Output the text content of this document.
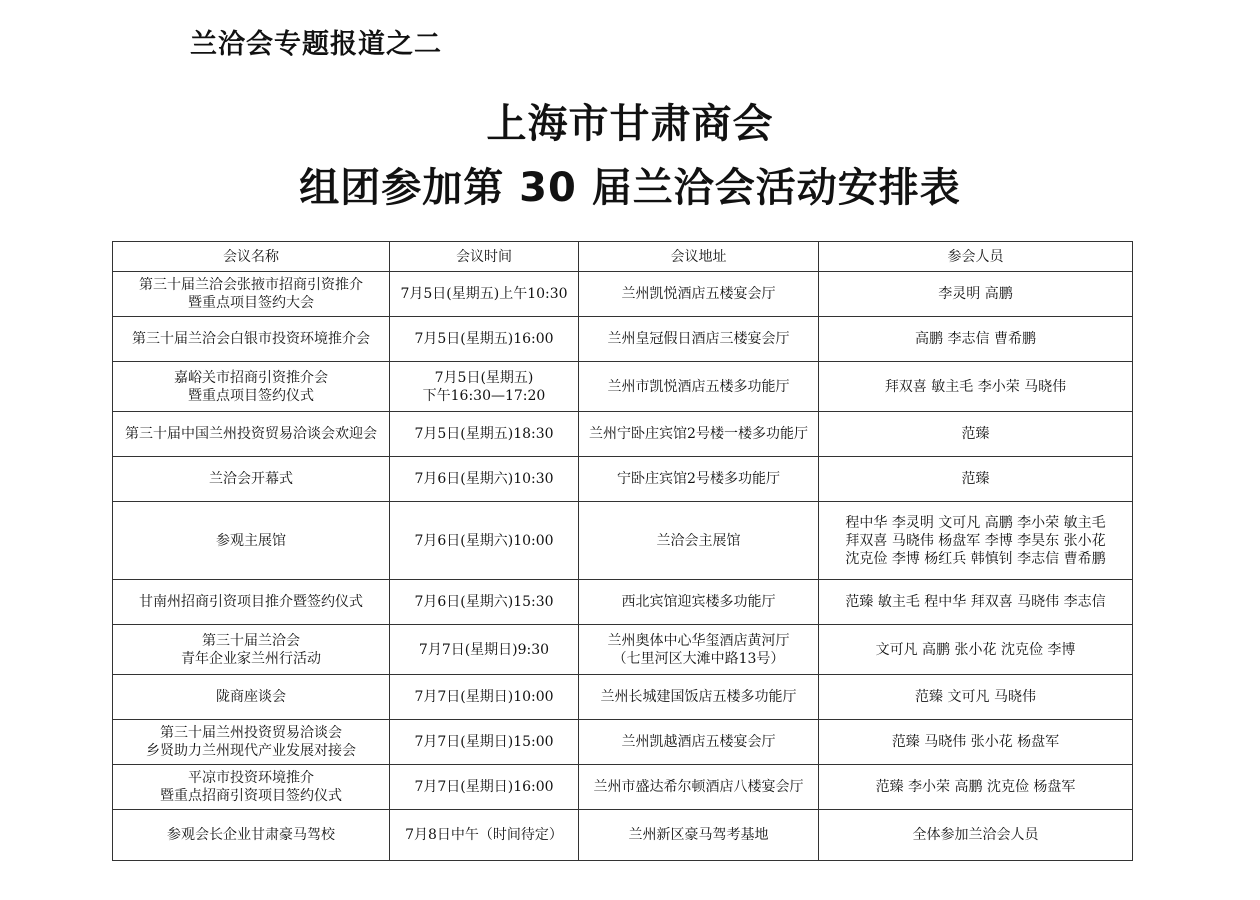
兰洽会专题报道之二
上海市甘肃商会
组团参加第 30 届兰洽会活动安排表
会议名称	会议时间	会议地址	参会人员

第三十届兰洽会张掖市招商引资推介
暨重点项目签约大会	7月5日(星期五)上午10:30	兰州凯悦酒店五楼宴会厅	李灵明 高鹏

第三十届兰洽会白银市投资环境推介会	7月5日(星期五)16:00	兰州皇冠假日酒店三楼宴会厅	高鹏 李志信 曹希鹏

嘉峪关市招商引资推介会
暨重点项目签约仪式	7月5日(星期五)
下午16:30—17:20	兰州市凯悦酒店五楼多功能厅	拜双喜 敏主毛 李小荣 马晓伟

第三十届中国兰州投资贸易洽谈会欢迎会	7月5日(星期五)18:30	兰州宁卧庄宾馆2号楼一楼多功能厅	范臻

兰洽会开幕式	7月6日(星期六)10:30	宁卧庄宾馆2号楼多功能厅	范臻

参观主展馆	7月6日(星期六)10:00	兰洽会主展馆	程中华 李灵明 文可凡 高鹏 李小荣 敏主毛
拜双喜 马晓伟 杨盘军 李博 李昊东 张小花
沈克俭 李博 杨红兵 韩慎钊 李志信 曹希鹏

甘南州招商引资项目推介暨签约仪式	7月6日(星期六)15:30	西北宾馆迎宾楼多功能厅	范臻 敏主毛 程中华 拜双喜 马晓伟 李志信

第三十届兰洽会
青年企业家兰州行活动	7月7日(星期日)9:30	兰州奥体中心华玺酒店黄河厅
（七里河区大滩中路13号）	文可凡 高鹏 张小花 沈克俭 李博

陇商座谈会	7月7日(星期日)10:00	兰州长城建国饭店五楼多功能厅	范臻 文可凡 马晓伟

第三十届兰州投资贸易洽谈会
乡贤助力兰州现代产业发展对接会	7月7日(星期日)15:00	兰州凯越酒店五楼宴会厅	范臻 马晓伟 张小花 杨盘军

平凉市投资环境推介
暨重点招商引资项目签约仪式	7月7日(星期日)16:00	兰州市盛达希尔顿酒店八楼宴会厅	范臻 李小荣 高鹏 沈克俭 杨盘军

参观会长企业甘肃豪马驾校	7月8日中午（时间待定）	兰州新区豪马驾考基地	全体参加兰洽会人员
